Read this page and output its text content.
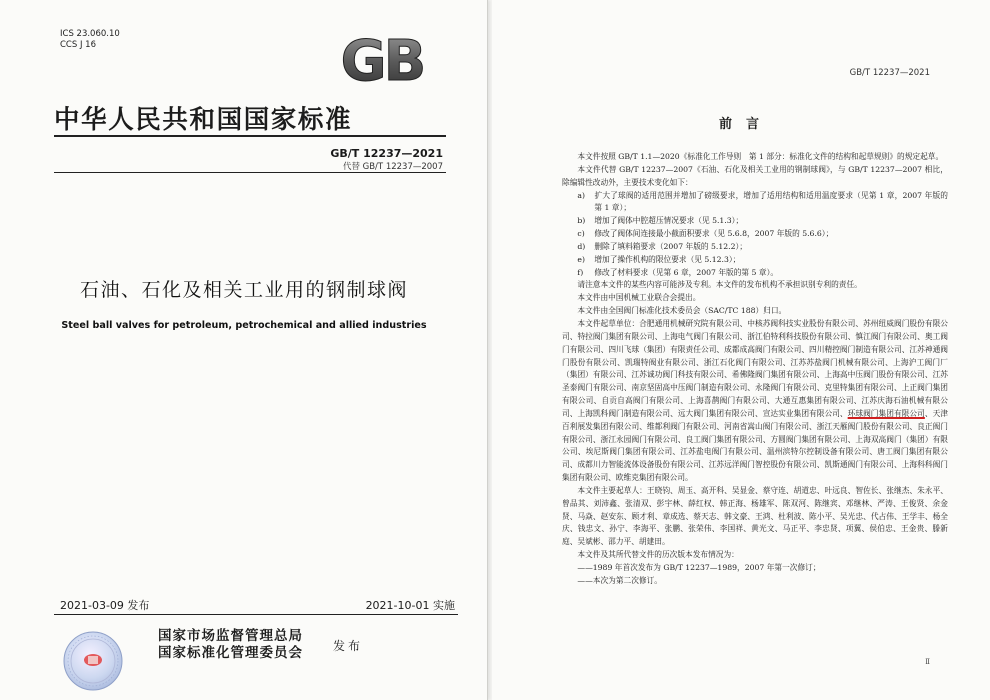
ICS 23.060.10
CCS J 16	GB
中华人民共和国国家标准
GB/T 12237—2021
代替 GB/T 12237—2007
石油、石化及相关工业用的钢制球阀
Steel ball valves for petroleum, petrochemical and allied industries
2021-03-09 发布	2021-10-01 实施
国家市场监督管理总局
国家标准化管理委员会	发布
GB/T 12237—2021
前言

本文件按照 GB/T 1.1—2020《标准化工作导则　第 1 部分：标准化文件的结构和起草规则》的规定起草。

本文件代替 GB/T 12237—2007《石油、石化及相关工业用的钢制球阀》，与 GB/T 12237—2007 相比，除编辑性改动外，主要技术变化如下：

a) 扩大了球阀的适用范围并增加了磅级要求，增加了适用结构和适用温度要求（见第 1 章，2007 年版的第 1 章）；

b) 增加了阀体中腔超压情况要求（见 5.1.3）；

c) 修改了阀体间连接最小截面积要求（见 5.6.8，2007 年版的 5.6.6）；

d) 删除了填料箱要求（2007 年版的 5.12.2）；

e) 增加了操作机构的限位要求（见 5.12.3）；

f) 修改了材料要求（见第 6 章，2007 年版的第 5 章）。

请注意本文件的某些内容可能涉及专利。本文件的发布机构不承担识别专利的责任。

本文件由中国机械工业联合会提出。

本文件由全国阀门标准化技术委员会（SAC/TC 188）归口。

本文件起草单位：合肥通用机械研究院有限公司、中核苏阀科技实业股份有限公司、苏州纽威阀门股份有限公司、特拉阀门集团有限公司、上海电气阀门有限公司、浙江伯特利科技股份有限公司、慎江阀门有限公司、奥工阀门有限公司、四川飞球（集团）有限责任公司、成都成高阀门有限公司、四川精控阀门制造有限公司、江苏神通阀门股份有限公司、凯瑞特阀业有限公司、浙江石化阀门有限公司、江苏苏盐阀门机械有限公司、上海沪工阀门厂（集团）有限公司、江苏诚功阀门科技有限公司、希佛隆阀门集团有限公司、上海高中压阀门股份有限公司、江苏圣泰阀门有限公司、南京坚固高中压阀门制造有限公司、永隆阀门有限公司、克里特集团有限公司、上正阀门集团有限公司、自贡自高阀门有限公司、上海喜鹊阀门有限公司、大通互惠集团有限公司、江苏庆海石油机械有限公司、上海凯科阀门制造有限公司、远大阀门集团有限公司、宣达实业集团有限公司、环球阀门集团有限公司、天津百利展发集团有限公司、维都利阀门有限公司、河南省嵩山阀门有限公司、浙江天雁阀门股份有限公司、良正阀门有限公司、浙江永园阀门有限公司、良工阀门集团有限公司、方圆阀门集团有限公司、上海双高阀门（集团）有限公司、埃尼斯阀门集团有限公司、江苏盐电阀门有限公司、温州滨特尔控制设备有限公司、唐工阀门集团有限公司、成都川力智能流体设备股份有限公司、江苏远洋阀门智控股份有限公司、凯斯通阀门有限公司、上海科科阀门集团有限公司、欧维克集团有限公司。

本文件主要起草人：王晓钧、周玉、高开科、吴显金、蔡守连、胡道忠、叶远良、智佐长、张继杰、朱永平、曾品其、刘沛鑫、张清双、彭宇林、薛红权、韩正海、杨雄军、陈双河、陈继宾、邓继林、严涛、王俊贤、余金贤、马焱、赵安东、顾才利、章成选、蔡天志、韩文豪、王鸿、杜利波、陈小平、吴光忠、代占伟、王学丰、杨全庆、钱忠文、孙宁、李海平、张鹏、张荣伟、李国祥、黄光文、马正平、李忠贤、项翼、侯伯忠、王金贵、滕新庭、吴斌彬、邵力平、胡建田。

本文件及其所代替文件的历次版本发布情况为：

——1989 年首次发布为 GB/T 12237—1989，2007 年第一次修订；

——本次为第二次修订。

Ⅱ
